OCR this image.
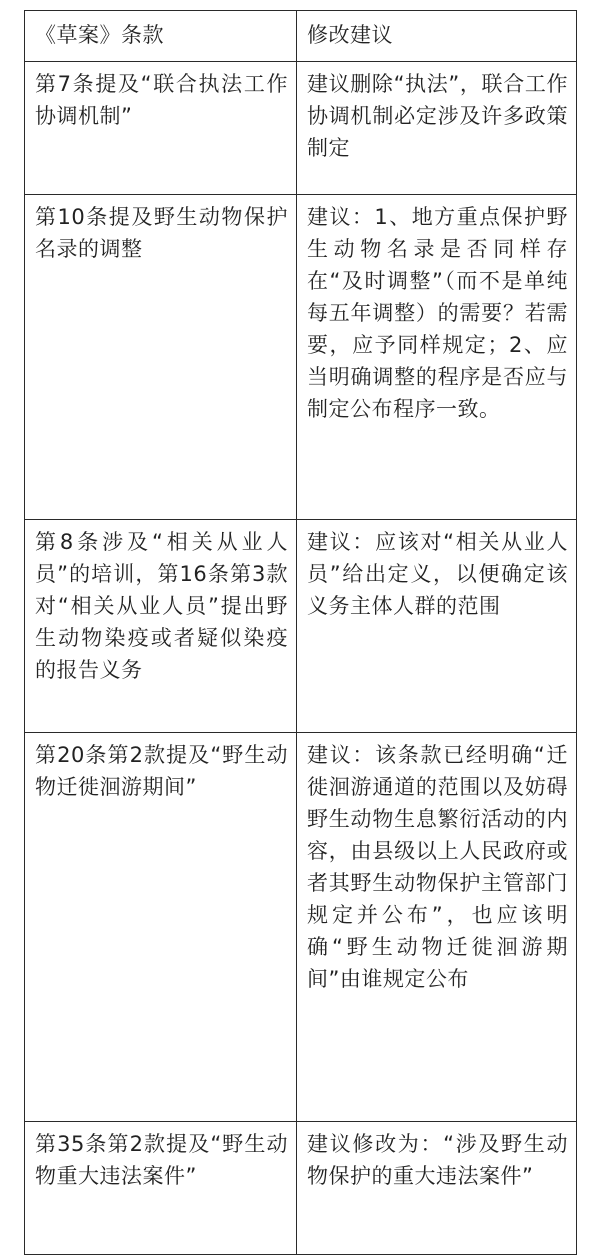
《草案》条款	修改建议
第7条提及“联合执法工作协调机制”	建议删除“执法”，联合工作协调机制必定涉及许多政策制定
第10条提及野生动物保护名录的调整	建议：1、地方重点保护野生动物名录是否同样存在“及时调整”（而不是单纯每五年调整）的需要？若需要，应予同样规定；2、应当明确调整的程序是否应与制定公布程序一致。
第8条涉及“相关从业人员”的培训，第16条第3款对“相关从业人员”提出野生动物染疫或者疑似染疫的报告义务	建议：应该对“相关从业人员”给出定义，以便确定该义务主体人群的范围
第20条第2款提及“野生动物迁徙洄游期间”	建议：该条款已经明确“迁徙洄游通道的范围以及妨碍野生动物生息繁衍活动的内容，由县级以上人民政府或者其野生动物保护主管部门规定并公布”，也应该明确“野生动物迁徙洄游期间”由谁规定公布
第35条第2款提及“野生动物重大违法案件”	建议修改为：“涉及野生动物保护的重大违法案件”
